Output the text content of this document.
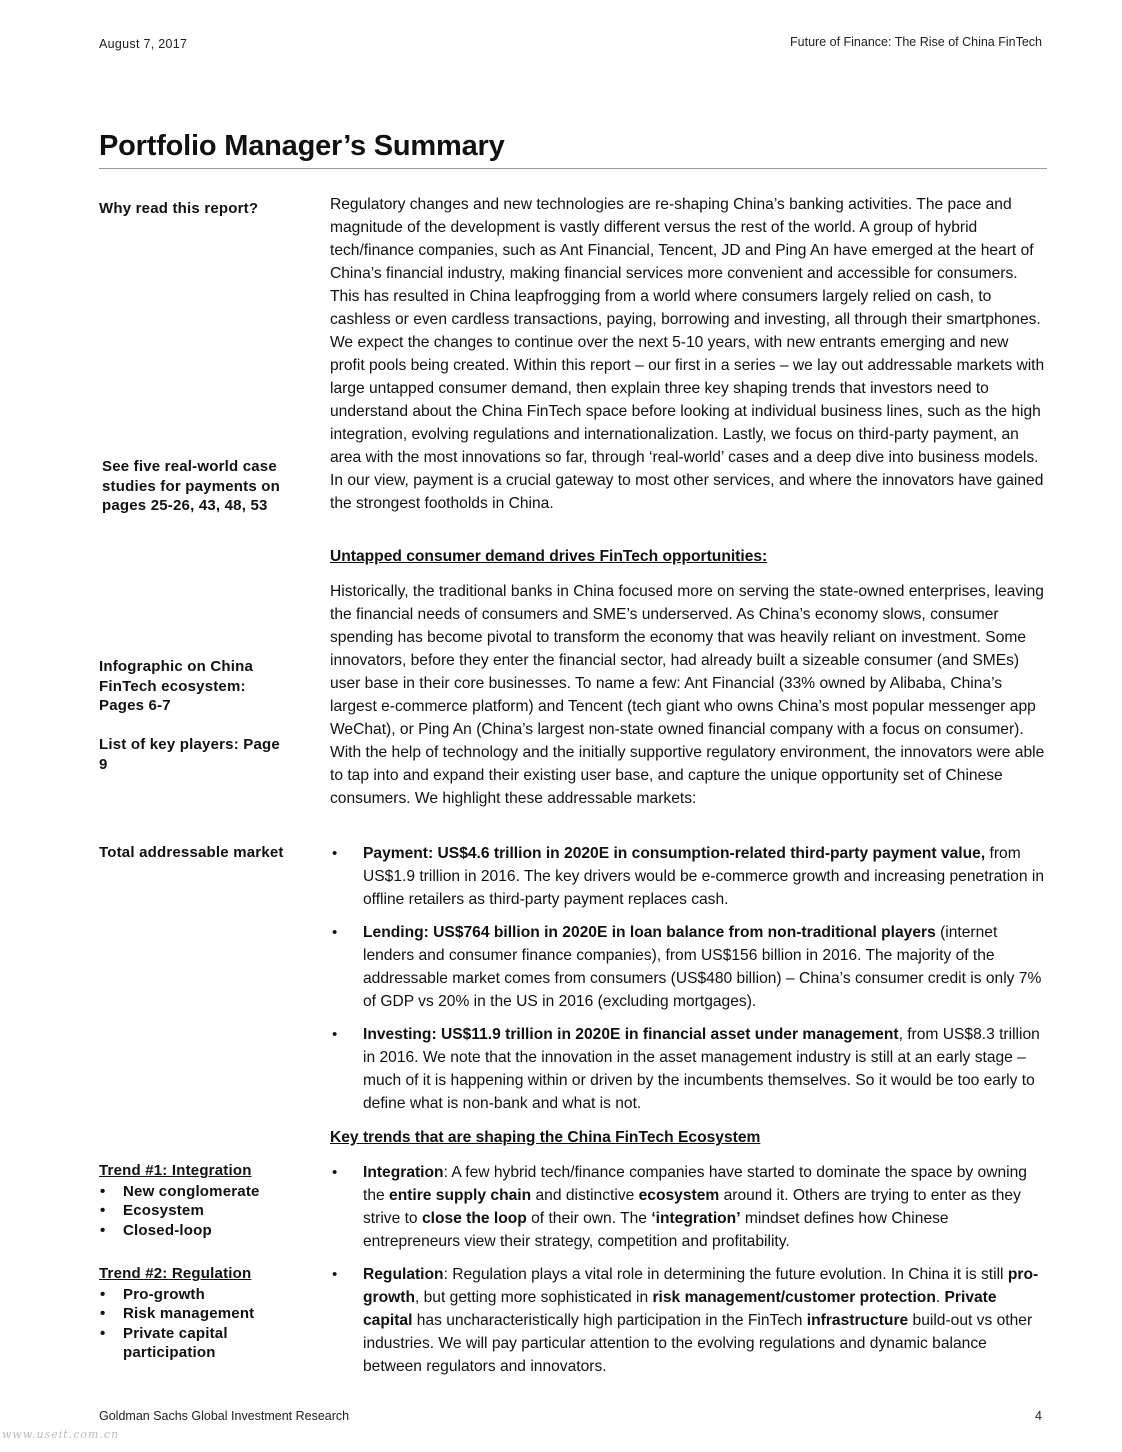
August 7, 2017	Future of Finance: The Rise of China FinTech
Portfolio Manager’s Summary
Why read this report?
See five real-world case studies for payments on pages 25-26, 43, 48, 53
Infographic on China FinTech ecosystem: Pages 6-7
List of key players: Page 9
Total addressable market
Trend #1: Integration
• New conglomerate
• Ecosystem
• Closed-loop
Trend #2: Regulation
• Pro-growth
• Risk management
• Private capital participation

Regulatory changes and new technologies are re-shaping China’s banking activities. The pace and magnitude of the development is vastly different versus the rest of the world. A group of hybrid tech/finance companies, such as Ant Financial, Tencent, JD and Ping An have emerged at the heart of China’s financial industry, making financial services more convenient and accessible for consumers. This has resulted in China leapfrogging from a world where consumers largely relied on cash, to cashless or even cardless transactions, paying, borrowing and investing, all through their smartphones. We expect the changes to continue over the next 5-10 years, with new entrants emerging and new profit pools being created. Within this report – our first in a series – we lay out addressable markets with large untapped consumer demand, then explain three key shaping trends that investors need to understand about the China FinTech space before looking at individual business lines, such as the high integration, evolving regulations and internationalization. Lastly, we focus on third-party payment, an area with the most innovations so far, through ‘real-world’ cases and a deep dive into business models. In our view, payment is a crucial gateway to most other services, and where the innovators have gained the strongest footholds in China.

Untapped consumer demand drives FinTech opportunities:

Historically, the traditional banks in China focused more on serving the state-owned enterprises, leaving the financial needs of consumers and SME’s underserved. As China’s economy slows, consumer spending has become pivotal to transform the economy that was heavily reliant on investment. Some innovators, before they enter the financial sector, had already built a sizeable consumer (and SMEs) user base in their core businesses. To name a few: Ant Financial (33% owned by Alibaba, China’s largest e-commerce platform) and Tencent (tech giant who owns China’s most popular messenger app WeChat), or Ping An (China’s largest non-state owned financial company with a focus on consumer). With the help of technology and the initially supportive regulatory environment, the innovators were able to tap into and expand their existing user base, and capture the unique opportunity set of Chinese consumers. We highlight these addressable markets:

• Payment: US$4.6 trillion in 2020E in consumption-related third-party payment value, from US$1.9 trillion in 2016. The key drivers would be e-commerce growth and increasing penetration in offline retailers as third-party payment replaces cash.
• Lending: US$764 billion in 2020E in loan balance from non-traditional players (internet lenders and consumer finance companies), from US$156 billion in 2016. The majority of the addressable market comes from consumers (US$480 billion) – China’s consumer credit is only 7% of GDP vs 20% in the US in 2016 (excluding mortgages).
• Investing: US$11.9 trillion in 2020E in financial asset under management, from US$8.3 trillion in 2016. We note that the innovation in the asset management industry is still at an early stage – much of it is happening within or driven by the incumbents themselves. So it would be too early to define what is non-bank and what is not.
Key trends that are shaping the China FinTech Ecosystem
• Integration: A few hybrid tech/finance companies have started to dominate the space by owning the entire supply chain and distinctive ecosystem around it. Others are trying to enter as they strive to close the loop of their own. The ‘integration’ mindset defines how Chinese entrepreneurs view their strategy, competition and profitability.
• Regulation: Regulation plays a vital role in determining the future evolution. In China it is still pro-growth, but getting more sophisticated in risk management/customer protection. Private capital has uncharacteristically high participation in the FinTech infrastructure build-out vs other industries. We will pay particular attention to the evolving regulations and dynamic balance between regulators and innovators.
Goldman Sachs Global Investment Research	4
www.useit.com.cn
